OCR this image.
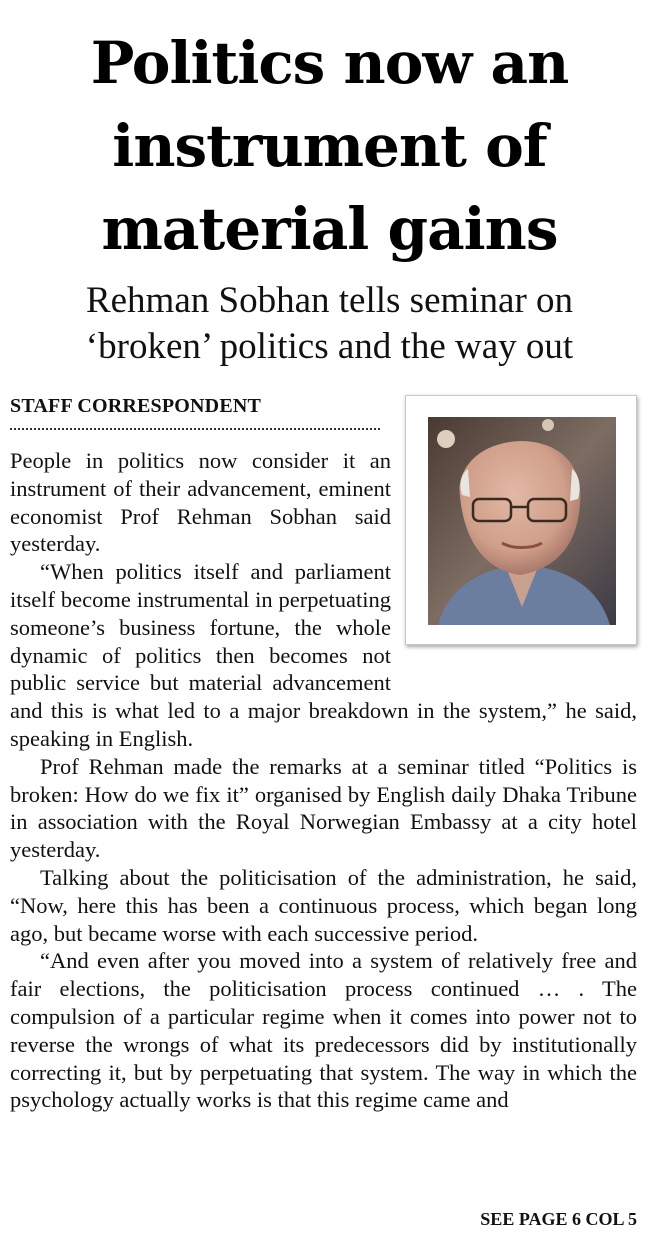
Politics now an
instrument of
material gains
Rehman Sobhan tells seminar on
‘broken’ politics and the way out
STAFF CORRESPONDENT

People in politics now consider it an instrument of their advancement, eminent economist Prof Rehman Sobhan said yesterday.

“When politics itself and parliament itself become instrumental in perpetuating someone’s business fortune, the whole dynamic of politics then becomes not public service but material advancement and this is what led to a major breakdown in the system,” he said, speaking in English.

Prof Rehman made the remarks at a seminar titled “Politics is broken: How do we fix it” organised by English daily Dhaka Tribune in association with the Royal Norwegian Embassy at a city hotel yesterday.

Talking about the politicisation of the administration, he said, “Now, here this has been a continuous process, which began long ago, but became worse with each successive period.

“And even after you moved into a system of relatively free and fair elections, the politicisation process continued … . The compulsion of a particular regime when it comes into power not to reverse the wrongs of what its predecessors did by institutionally correcting it, but by perpetuating that system. The way in which the psychology actually works is that this regime came and

SEE PAGE 6 COL 5
